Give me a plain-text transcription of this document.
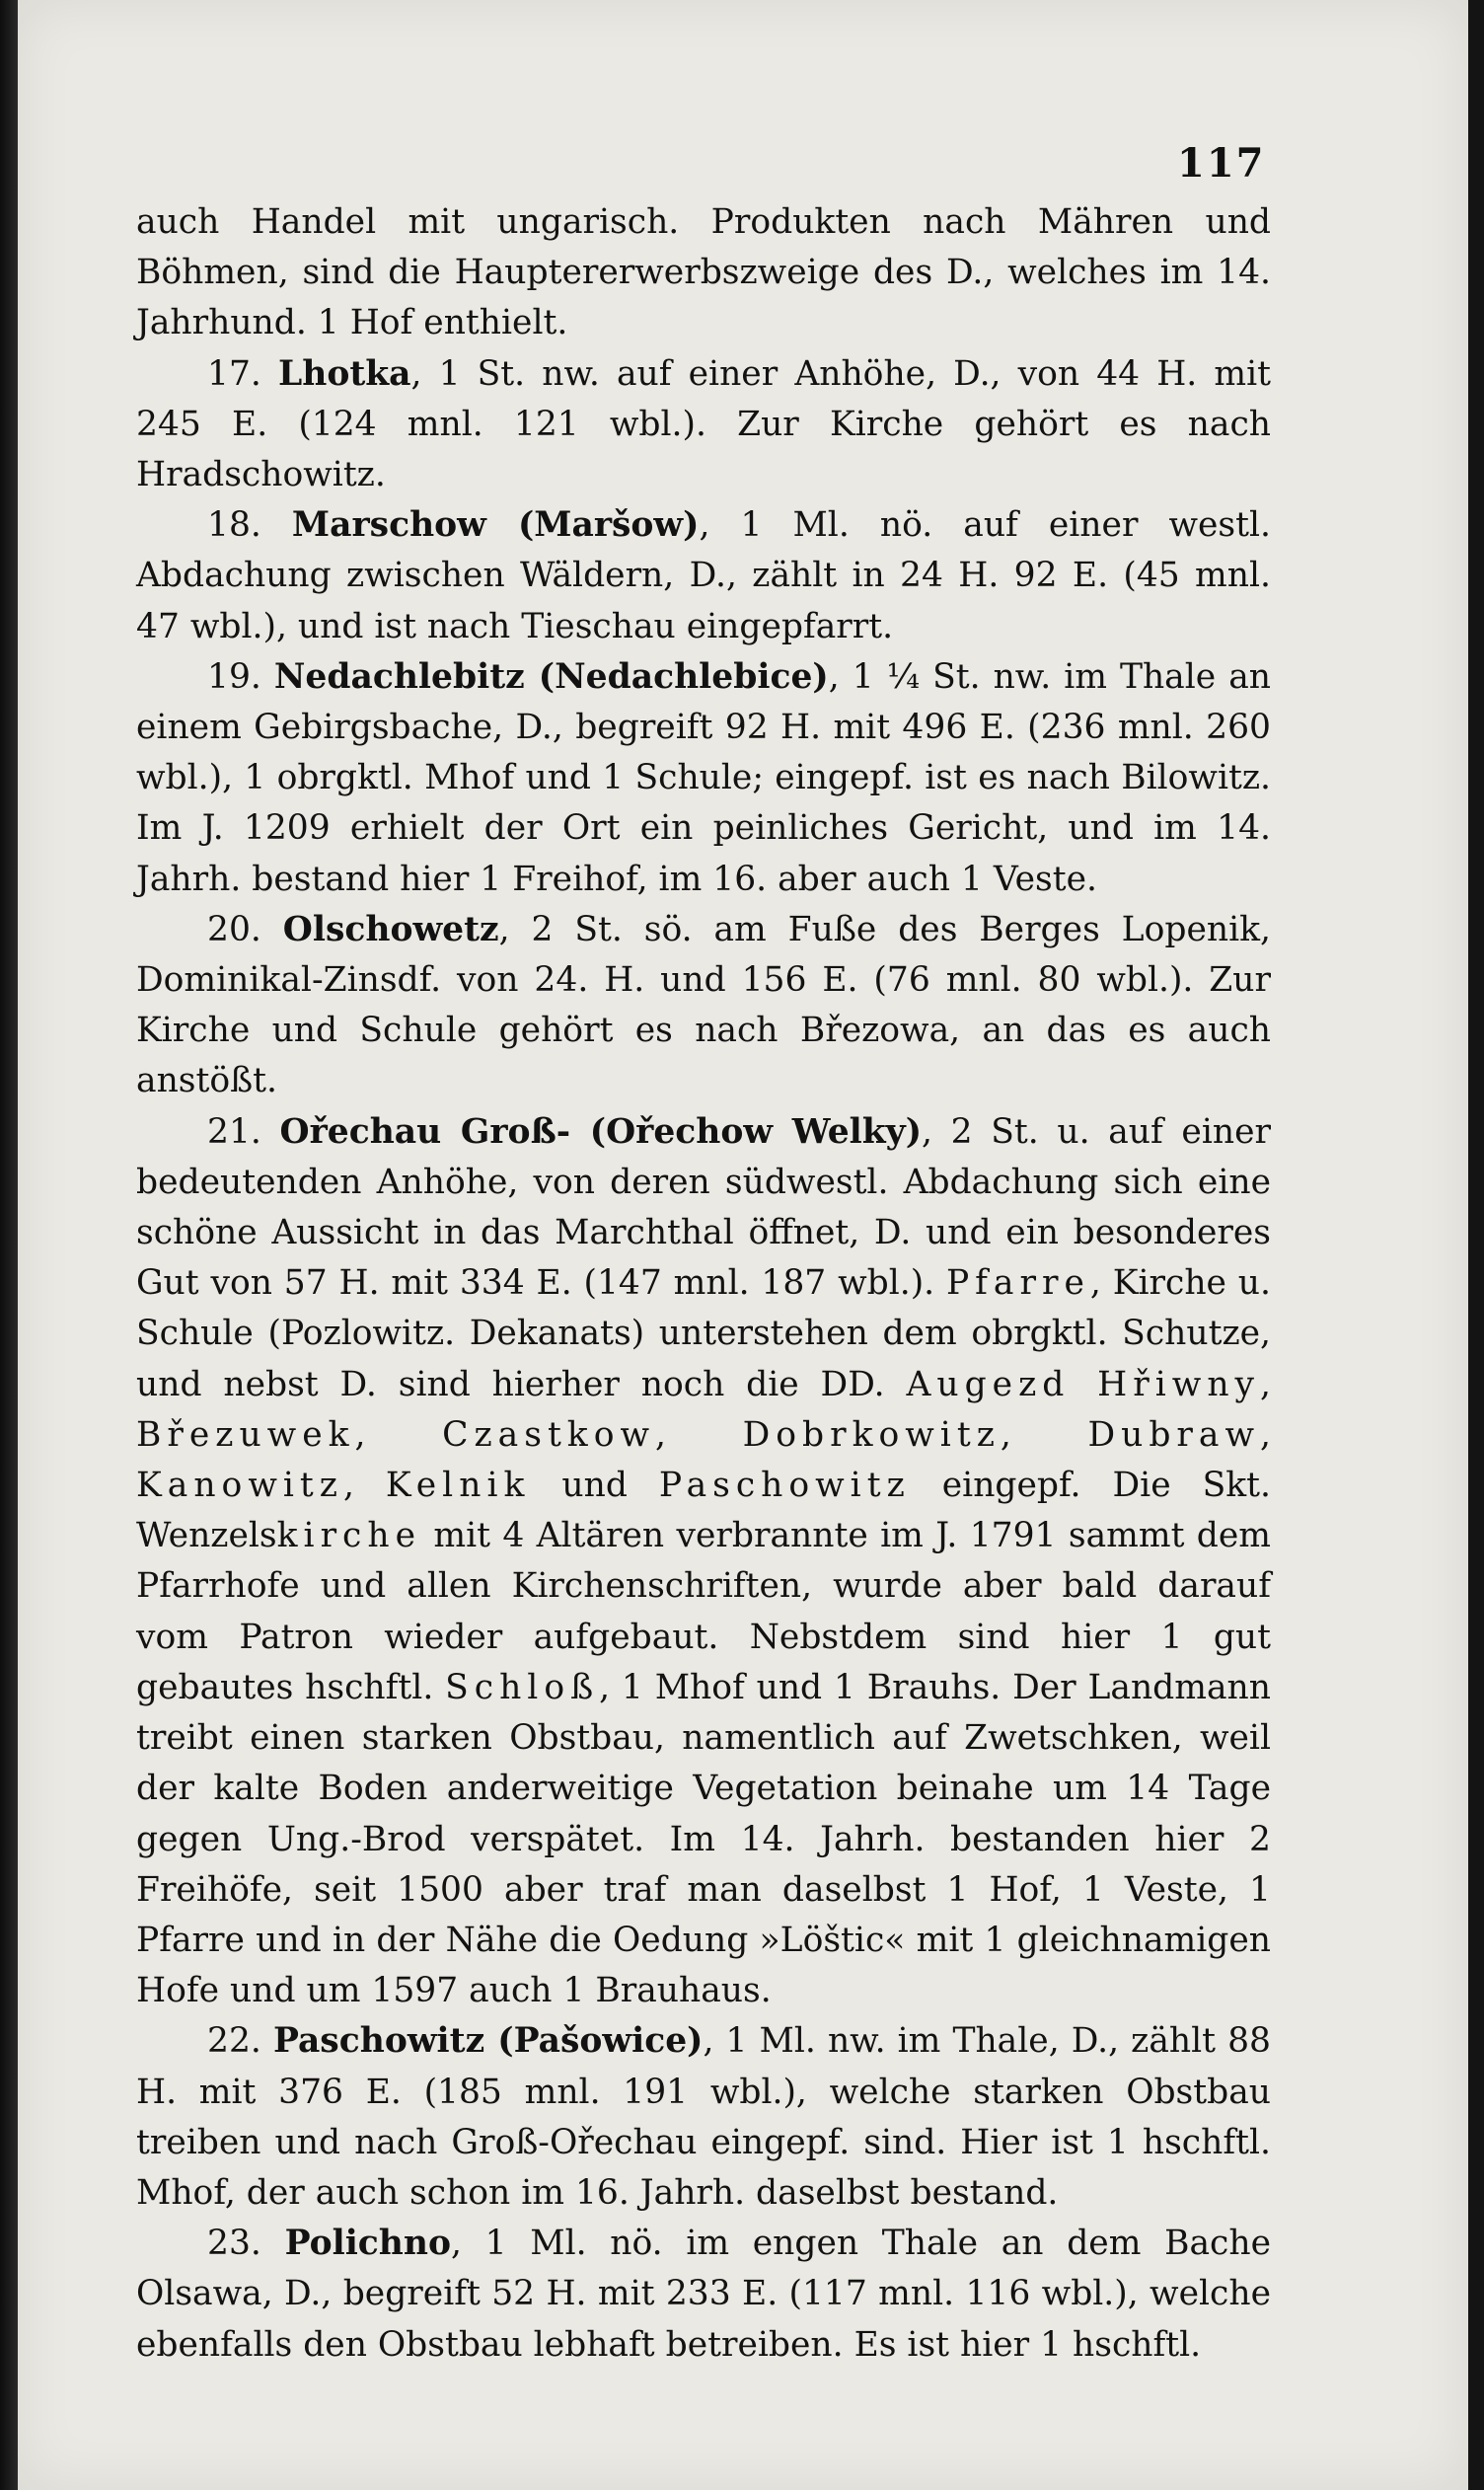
117

auch Handel mit ungarisch. Produkten nach Mähren und Böhmen, sind die Hauptererwerbszweige des D., welches im 14. Jahrhund. 1 Hof enthielt.

17. Lhotka, 1 St. nw. auf einer Anhöhe, D., von 44 H. mit 245 E. (124 mnl. 121 wbl.). Zur Kirche gehört es nach Hradschowitz.

18. Marschow (Maršow), 1 Ml. nö. auf einer westl. Abdachung zwischen Wäldern, D., zählt in 24 H. 92 E. (45 mnl. 47 wbl.), und ist nach Tieschau eingepfarrt.

19. Nedachlebitz (Nedachlebice), 1 ¼ St. nw. im Thale an einem Gebirgsbache, D., begreift 92 H. mit 496 E. (236 mnl. 260 wbl.), 1 obrgktl. Mhof und 1 Schule; eingepf. ist es nach Bilowitz. Im J. 1209 erhielt der Ort ein peinliches Gericht, und im 14. Jahrh. bestand hier 1 Freihof, im 16. aber auch 1 Veste.

20. Olschowetz, 2 St. sö. am Fuße des Berges Lopenik, Dominikal-Zinsdf. von 24. H. und 156 E. (76 mnl. 80 wbl.). Zur Kirche und Schule gehört es nach Březowa, an das es auch anstößt.

21. Ořechau Groß- (Ořechow Welky), 2 St. u. auf einer bedeutenden Anhöhe, von deren südwestl. Abdachung sich eine schöne Aussicht in das Marchthal öffnet, D. und ein besonderes Gut von 57 H. mit 334 E. (147 mnl. 187 wbl.). Pfarre, Kirche u. Schule (Pozlowitz. Dekanats) unterstehen dem obrgktl. Schutze, und nebst D. sind hierher noch die DD. Augezd Hřiwny, Březuwek, Czastkow, Dobrkowitz, Dubraw, Kanowitz, Kelnik und Paschowitz eingepf. Die Skt. Wenzelskirche mit 4 Altären verbrannte im J. 1791 sammt dem Pfarrhofe und allen Kirchenschriften, wurde aber bald darauf vom Patron wieder aufgebaut. Nebstdem sind hier 1 gut gebautes hschftl. Schloß, 1 Mhof und 1 Brauhs. Der Landmann treibt einen starken Obstbau, namentlich auf Zwetschken, weil der kalte Boden anderweitige Vegetation beinahe um 14 Tage gegen Ung.-Brod verspätet. Im 14. Jahrh. bestanden hier 2 Freihöfe, seit 1500 aber traf man daselbst 1 Hof, 1 Veste, 1 Pfarre und in der Nähe die Oedung »Löštic« mit 1 gleichnamigen Hofe und um 1597 auch 1 Brauhaus.

22. Paschowitz (Pašowice), 1 Ml. nw. im Thale, D., zählt 88 H. mit 376 E. (185 mnl. 191 wbl.), welche starken Obstbau treiben und nach Groß-Ořechau eingepf. sind. Hier ist 1 hschftl. Mhof, der auch schon im 16. Jahrh. daselbst bestand.

23. Polichno, 1 Ml. nö. im engen Thale an dem Bache Olsawa, D., begreift 52 H. mit 233 E. (117 mnl. 116 wbl.), welche ebenfalls den Obstbau lebhaft betreiben. Es ist hier 1 hschftl.
